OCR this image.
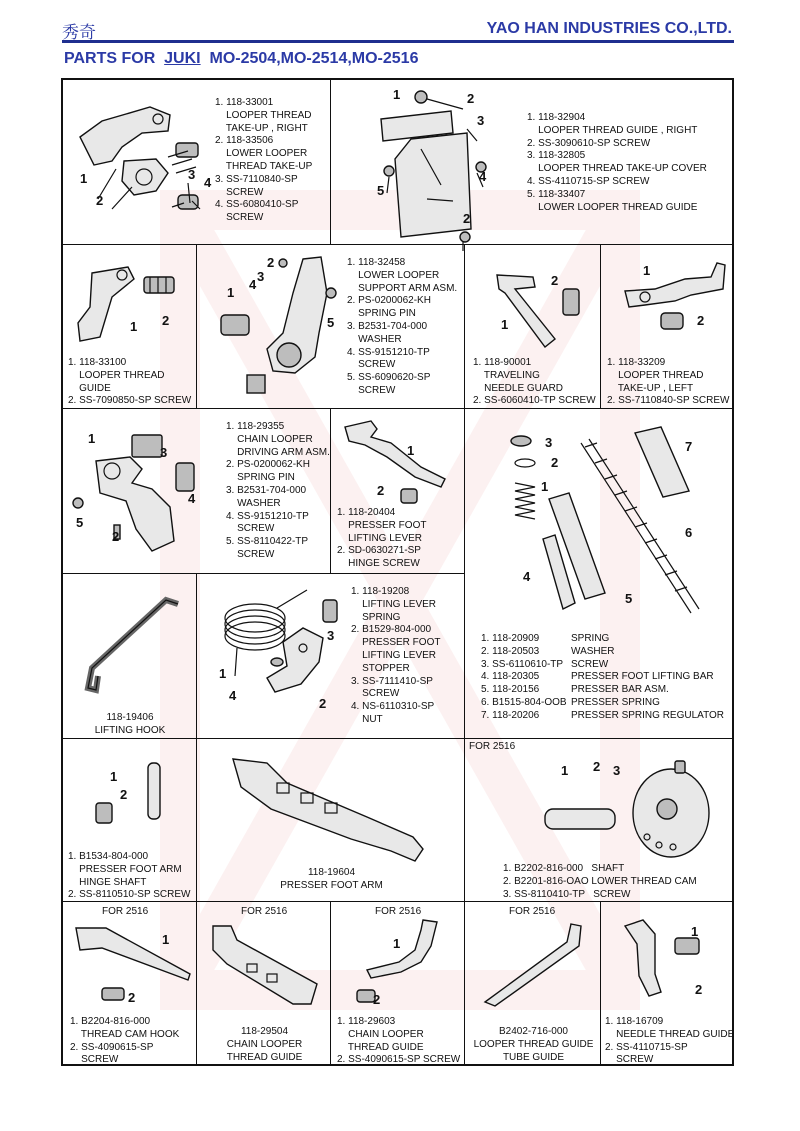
秀奇	YAO HAN INDUSTRIES CO.,LTD.
PARTS FOR JUKI MO-2504,MO-2514,MO-2516
1
2
3
4
1. 118-33001
LOOPER THREAD
TAKE-UP , RIGHT
2. 118-33506
LOWER LOOPER
THREAD TAKE-UP
3. SS-7110840-SP
SCREW
4. SS-6080410-SP
SCREW
1	2
3
4
5
2
1. 118-32904
LOOPER THREAD GUIDE , RIGHT
2. SS-3090610-SP SCREW
3. 118-32805
LOOPER THREAD TAKE-UP COVER
4. SS-4110715-SP SCREW
5. 118-33407
LOWER LOOPER THREAD GUIDE
1 2
1. 118-33100
LOOPER THREAD
GUIDE
2. SS-7090850-SP SCREW
2
3
1
4
5
1. 118-32458
LOWER LOOPER
SUPPORT ARM ASM.
2. PS-0200062-KH
SPRING PIN
3. B2531-704-000
WASHER
4. SS-9151210-TP
SCREW
5. SS-6090620-SP
SCREW
2
1
1. 118-90001
TRAVELING
NEEDLE GUARD
2. SS-6060410-TP SCREW
1
2
1. 118-33209
LOOPER THREAD
TAKE-UP , LEFT
2. SS-7110840-SP SCREW
1
3
4
5
2
1. 118-29355
CHAIN LOOPER
DRIVING ARM ASM.
2. PS-0200062-KH
SPRING PIN
3. B2531-704-000
WASHER
4. SS-9151210-TP
SCREW
5. SS-8110422-TP
SCREW
1
2
1. 118-20404
PRESSER FOOT
LIFTING LEVER
2. SD-0630271-SP
HINGE SCREW
3
2
1
7
6
4
5
1. 118-20909
2. 118-20503
3. SS-6110610-TP
4. 118-20305
5. 118-20156
6. B1515-804-OOB
7. 118-20206
SPRING
WASHER
SCREW
PRESSER FOOT LIFTING BAR
PRESSER BAR ASM.
PRESSER SPRING
PRESSER SPRING REGULATOR
118-19406
LIFTING HOOK
3
1
4
2
1. 118-19208
LIFTING LEVER
SPRING
2. B1529-804-000
PRESSER FOOT
LIFTING LEVER
STOPPER
3. SS-7111410-SP
SCREW
4. NS-6110310-SP
NUT
1
2
1. B1534-804-000
PRESSER FOOT ARM
HINGE SHAFT
2. SS-8110510-SP SCREW
118-19604
PRESSER FOOT ARM
FOR 2516
1 2 3
1. B2202-816-000   SHAFT
2. B2201-816-OAO LOWER THREAD CAM
3. SS-8110410-TP   SCREW
FOR 2516
1
2
1. B2204-816-000
THREAD CAM HOOK
2. SS-4090615-SP
SCREW
FOR 2516
118-29504
CHAIN LOOPER
THREAD GUIDE
FOR 2516
1
2
1. 118-29603
CHAIN LOOPER
THREAD GUIDE
2. SS-4090615-SP SCREW
FOR 2516
B2402-716-000
LOOPER THREAD GUIDE
TUBE GUIDE
1
2
1. 118-16709
NEEDLE THREAD GUIDE
2. SS-4110715-SP
SCREW
